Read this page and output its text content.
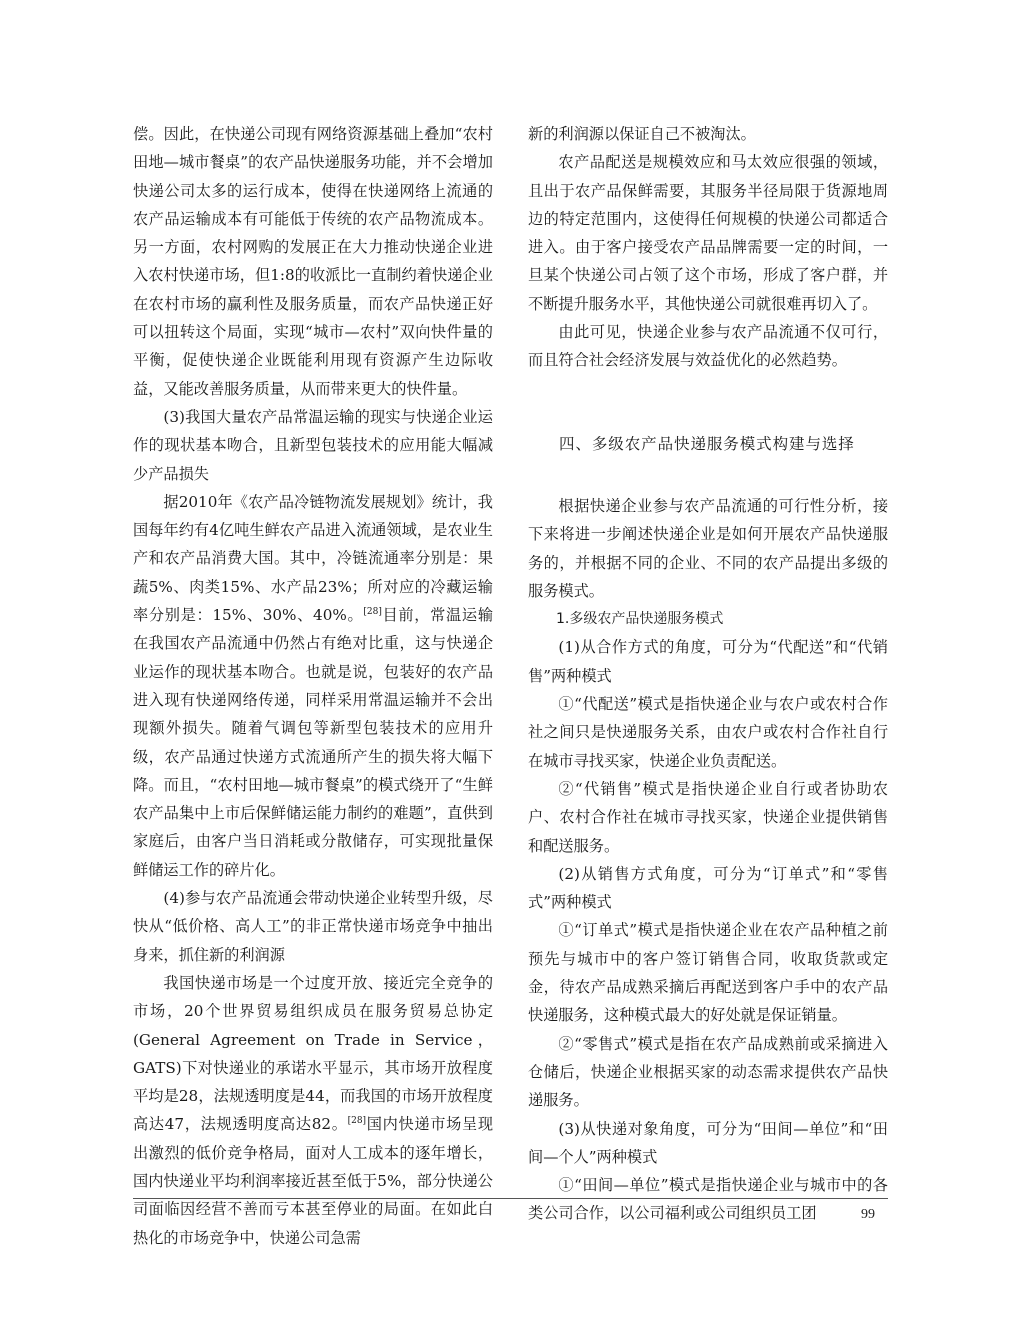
偿。因此，在快递公司现有网络资源基础上叠加“农村田地—城市餐桌”的农产品快递服务功能，并不会增加快递公司太多的运行成本，使得在快递网络上流通的农产品运输成本有可能低于传统的农产品物流成本。另一方面，农村网购的发展正在大力推动快递企业进入农村快递市场，但1:8的收派比一直制约着快递企业在农村市场的赢利性及服务质量，而农产品快递正好可以扭转这个局面，实现“城市—农村”双向快件量的平衡，促使快递企业既能利用现有资源产生边际收益，又能改善服务质量，从而带来更大的快件量。

(3)我国大量农产品常温运输的现实与快递企业运作的现状基本吻合，且新型包装技术的应用能大幅减少产品损失

据2010年《农产品冷链物流发展规划》统计，我国每年约有4亿吨生鲜农产品进入流通领域，是农业生产和农产品消费大国。其中，冷链流通率分别是：果蔬5%、肉类15%、水产品23%；所对应的冷藏运输率分别是：15%、30%、40%。[28]目前，常温运输在我国农产品流通中仍然占有绝对比重，这与快递企业运作的现状基本吻合。也就是说，包装好的农产品进入现有快递网络传递，同样采用常温运输并不会出现额外损失。随着气调包等新型包装技术的应用升级，农产品通过快递方式流通所产生的损失将大幅下降。而且，“农村田地—城市餐桌”的模式绕开了“生鲜农产品集中上市后保鲜储运能力制约的难题”，直供到家庭后，由客户当日消耗或分散储存，可实现批量保鲜储运工作的碎片化。

(4)参与农产品流通会带动快递企业转型升级，尽快从“低价格、高人工”的非正常快递市场竞争中抽出身来，抓住新的利润源

我国快递市场是一个过度开放、接近完全竞争的市场，20个世界贸易组织成员在服务贸易总协定(General Agreement on Trade in Service，GATS)下对快递业的承诺水平显示，其市场开放程度平均是28，法规透明度是44，而我国的市场开放程度高达47，法规透明度高达82。[28]国内快递市场呈现出激烈的低价竞争格局，面对人工成本的逐年增长，国内快递业平均利润率接近甚至低于5%，部分快递公司面临因经营不善而亏本甚至停业的局面。在如此白热化的市场竞争中，快递公司急需

新的利润源以保证自己不被淘汰。

农产品配送是规模效应和马太效应很强的领域，且出于农产品保鲜需要，其服务半径局限于货源地周边的特定范围内，这使得任何规模的快递公司都适合进入。由于客户接受农产品品牌需要一定的时间，一旦某个快递公司占领了这个市场，形成了客户群，并不断提升服务水平，其他快递公司就很难再切入了。

由此可见，快递企业参与农产品流通不仅可行，而且符合社会经济发展与效益优化的必然趋势。

四、多级农产品快递服务模式构建与选择

根据快递企业参与农产品流通的可行性分析，接下来将进一步阐述快递企业是如何开展农产品快递服务的，并根据不同的企业、不同的农产品提出多级的服务模式。

1.多级农产品快递服务模式

(1)从合作方式的角度，可分为“代配送”和“代销售”两种模式

①“代配送”模式是指快递企业与农户或农村合作社之间只是快递服务关系，由农户或农村合作社自行在城市寻找买家，快递企业负责配送。

②“代销售”模式是指快递企业自行或者协助农户、农村合作社在城市寻找买家，快递企业提供销售和配送服务。

(2)从销售方式角度，可分为“订单式”和“零售式”两种模式

①“订单式”模式是指快递企业在农产品种植之前预先与城市中的客户签订销售合同，收取货款或定金，待农产品成熟采摘后再配送到客户手中的农产品快递服务，这种模式最大的好处就是保证销量。

②“零售式”模式是指在农产品成熟前或采摘进入仓储后，快递企业根据买家的动态需求提供农产品快递服务。

(3)从快递对象角度，可分为“田间—单位”和“田间—个人”两种模式

①“田间—单位”模式是指快递企业与城市中的各类公司合作，以公司福利或公司组织员工团	99
